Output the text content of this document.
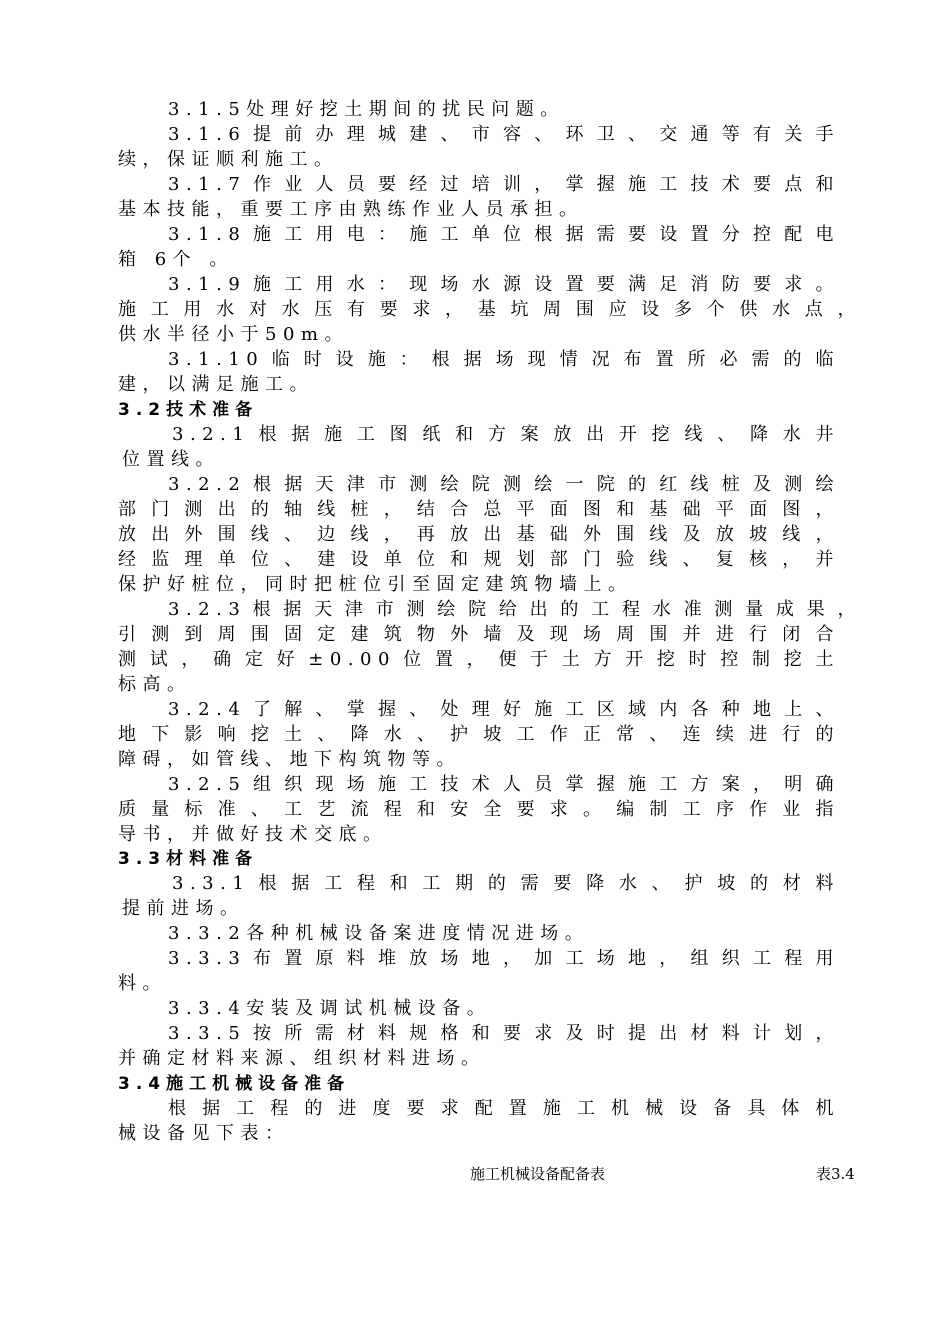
3.1.5处理好挖土期间的扰民问题。
3.1.6提前办理城建、市容、环卫、交通等有关手
续，保证顺利施工。
3.1.7作业人员要经过培训，掌握施工技术要点和
基本技能，重要工序由熟练作业人员承担。
3.1.8施工用电：施工单位根据需要设置分控配电
箱 6个 。
3.1.9施工用水：现场水源设置要满足消防要求。
施工用水对水压有要求，基坑周围应设多个供水点，
供水半径小于50m。
3.1.10临时设施：根据场现情况布置所必需的临
建，以满足施工。
3.2技术准备
3.2.1根据施工图纸和方案放出开挖线、降水井
位置线。
3.2.2根据天津市测绘院测绘一院的红线桩及测绘
部门测出的轴线桩，结合总平面图和基础平面图，
放出外围线、边线，再放出基础外围线及放坡线，
经监理单位、建设单位和规划部门验线、复核，并
保护好桩位，同时把桩位引至固定建筑物墙上。
3.2.3根据天津市测绘院给出的工程水准测量成果，
引测到周围固定建筑物外墙及现场周围并进行闭合
测试，确定好±0.00位置，便于土方开挖时控制挖土
标高。
3.2.4了解、掌握、处理好施工区域内各种地上、
地下影响挖土、降水、护坡工作正常、连续进行的
障碍，如管线、地下构筑物等。
3.2.5组织现场施工技术人员掌握施工方案，明确
质量标准、工艺流程和安全要求。编制工序作业指
导书，并做好技术交底。
3.3材料准备
3.3.1根据工程和工期的需要降水、护坡的材料
提前进场。
3.3.2各种机械设备案进度情况进场。
3.3.3布置原料堆放场地，加工场地，组织工程用
料。
3.3.4安装及调试机械设备。
3.3.5按所需材料规格和要求及时提出材料计划，
并确定材料来源、组织材料进场。
3.4施工机械设备准备
根据工程的进度要求配置施工机械设备具体机
械设备见下表：
施工机械设备配备表	表3.4
